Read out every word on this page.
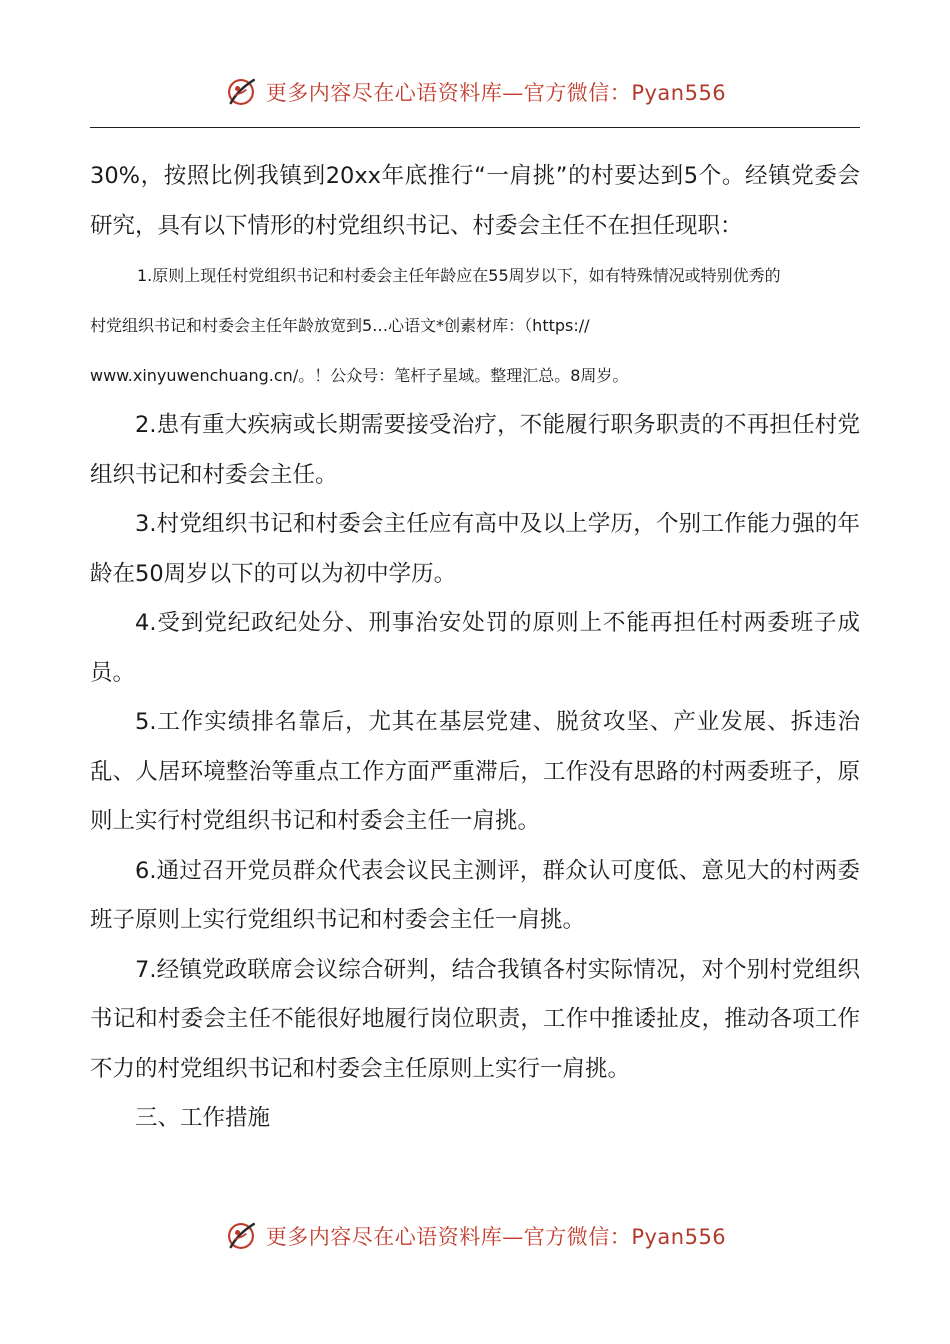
更多内容尽在心语资料库—官方微信：Pyan556

30%，按照比例我镇到20xx年底推行“一肩挑”的村要达到5个。经镇党委会研究，具有以下情形的村党组织书记、村委会主任不在担任现职：

1.原则上现任村党组织书记和村委会主任年龄应在55周岁以下，如有特殊情况或特别优秀的

村党组织书记和村委会主任年龄放宽到5…心语文*创素材库：（https://

www.xinyuwenchuang.cn/。！公众号：笔杆子星域。整理汇总。8周岁。

2.患有重大疾病或长期需要接受治疗，不能履行职务职责的不再担任村党组织书记和村委会主任。

3.村党组织书记和村委会主任应有高中及以上学历，个别工作能力强的年龄在50周岁以下的可以为初中学历。

4.受到党纪政纪处分、刑事治安处罚的原则上不能再担任村两委班子成员。

5.工作实绩排名靠后，尤其在基层党建、脱贫攻坚、产业发展、拆违治乱、人居环境整治等重点工作方面严重滞后，工作没有思路的村两委班子，原则上实行村党组织书记和村委会主任一肩挑。

6.通过召开党员群众代表会议民主测评，群众认可度低、意见大的村两委班子原则上实行党组织书记和村委会主任一肩挑。

7.经镇党政联席会议综合研判，结合我镇各村实际情况，对个别村党组织书记和村委会主任不能很好地履行岗位职责，工作中推诿扯皮，推动各项工作不力的村党组织书记和村委会主任原则上实行一肩挑。

三、工作措施

更多内容尽在心语资料库—官方微信：Pyan556
